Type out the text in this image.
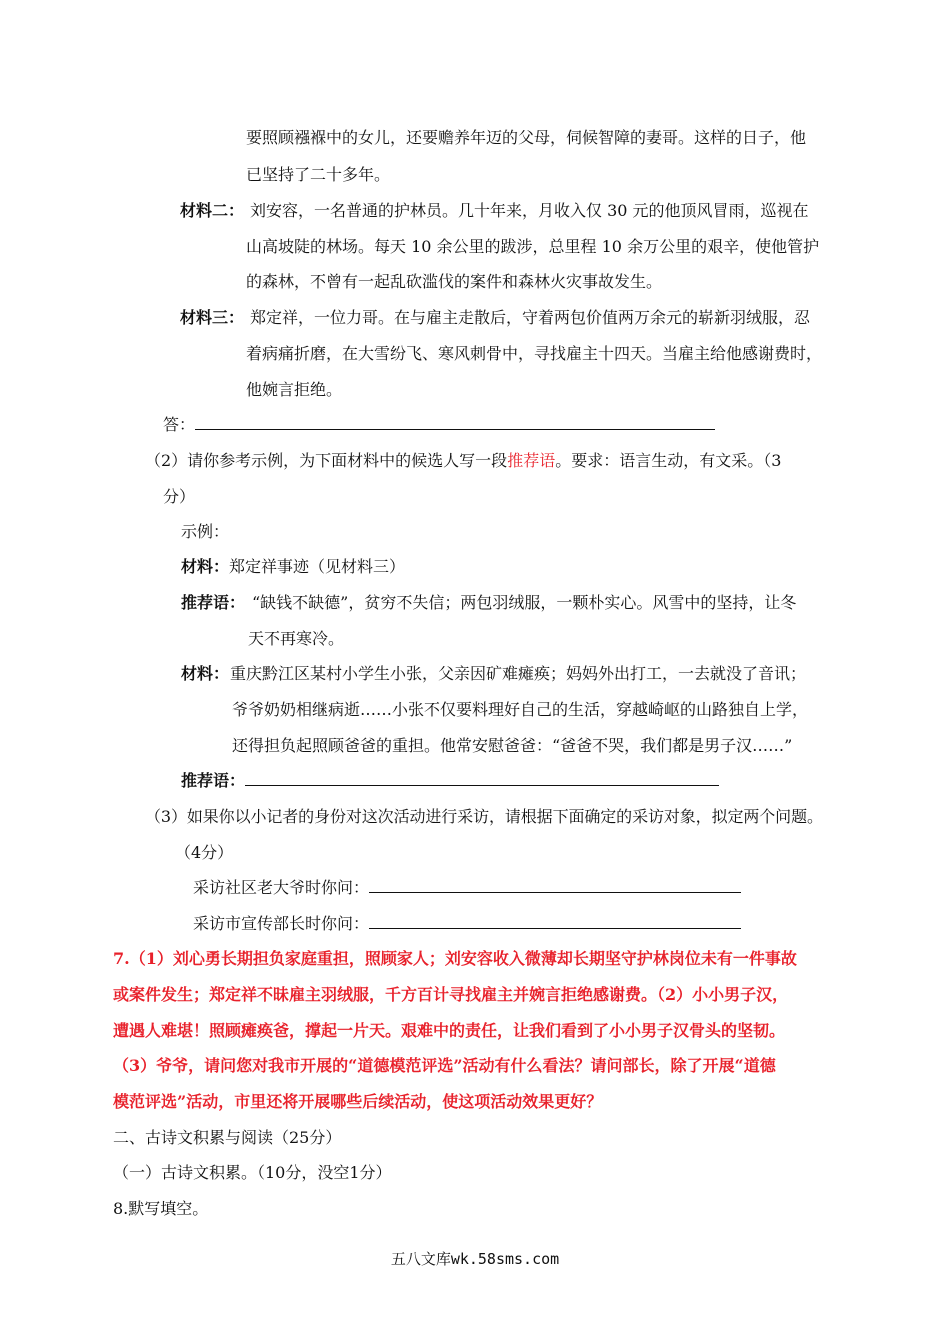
要照顾襁褓中的女儿，还要赡养年迈的父母，伺候智障的妻哥。这样的日子，他
已坚持了二十多年。
材料二： 刘安容，一名普通的护林员。几十年来，月收入仅 30 元的他顶风冒雨，巡视在
山高坡陡的林场。每天 10 余公里的跋涉，总里程 10 余万公里的艰辛，使他管护
的森林，不曾有一起乱砍滥伐的案件和森林火灾事故发生。
材料三： 郑定祥，一位力哥。在与雇主走散后，守着两包价值两万余元的崭新羽绒服，忍
着病痛折磨，在大雪纷飞、寒风刺骨中，寻找雇主十四天。当雇主给他感谢费时，
他婉言拒绝。
答：
（2）请你参考示例，为下面材料中的候选人写一段推荐语。要求：语言生动，有文采。（3
分）
示例：
材料：郑定祥事迹（见材料三）
推荐语： “缺钱不缺德”，贫穷不失信；两包羽绒服，一颗朴实心。风雪中的坚持，让冬
天不再寒冷。
材料： 重庆黔江区某村小学生小张，父亲因矿难瘫痪；妈妈外出打工，一去就没了音讯；
爷爷奶奶相继病逝……小张不仅要料理好自己的生活，穿越崎岖的山路独自上学，
还得担负起照顾爸爸的重担。他常安慰爸爸：“爸爸不哭，我们都是男子汉……”
推荐语：
（3）如果你以小记者的身份对这次活动进行采访，请根据下面确定的采访对象，拟定两个问题。
（4分）
采访社区老大爷时你问：
采访市宣传部长时你问：
7.（1）刘心勇长期担负家庭重担，照顾家人；刘安容收入微薄却长期坚守护林岗位未有一件事故
或案件发生；郑定祥不昧雇主羽绒服，千方百计寻找雇主并婉言拒绝感谢费。（2）小小男子汉，
遭遇人难堪！照顾瘫痪爸，撑起一片天。艰难中的责任，让我们看到了小小男子汉骨头的坚韧。
（3）爷爷，请问您对我市开展的“道德模范评选”活动有什么看法？请问部长，除了开展“道德
模范评选”活动，市里还将开展哪些后续活动，使这项活动效果更好？
二、古诗文积累与阅读（25分）
（一）古诗文积累。（10分，没空1分）
8.默写填空。
五八文库wk.58sms.com
